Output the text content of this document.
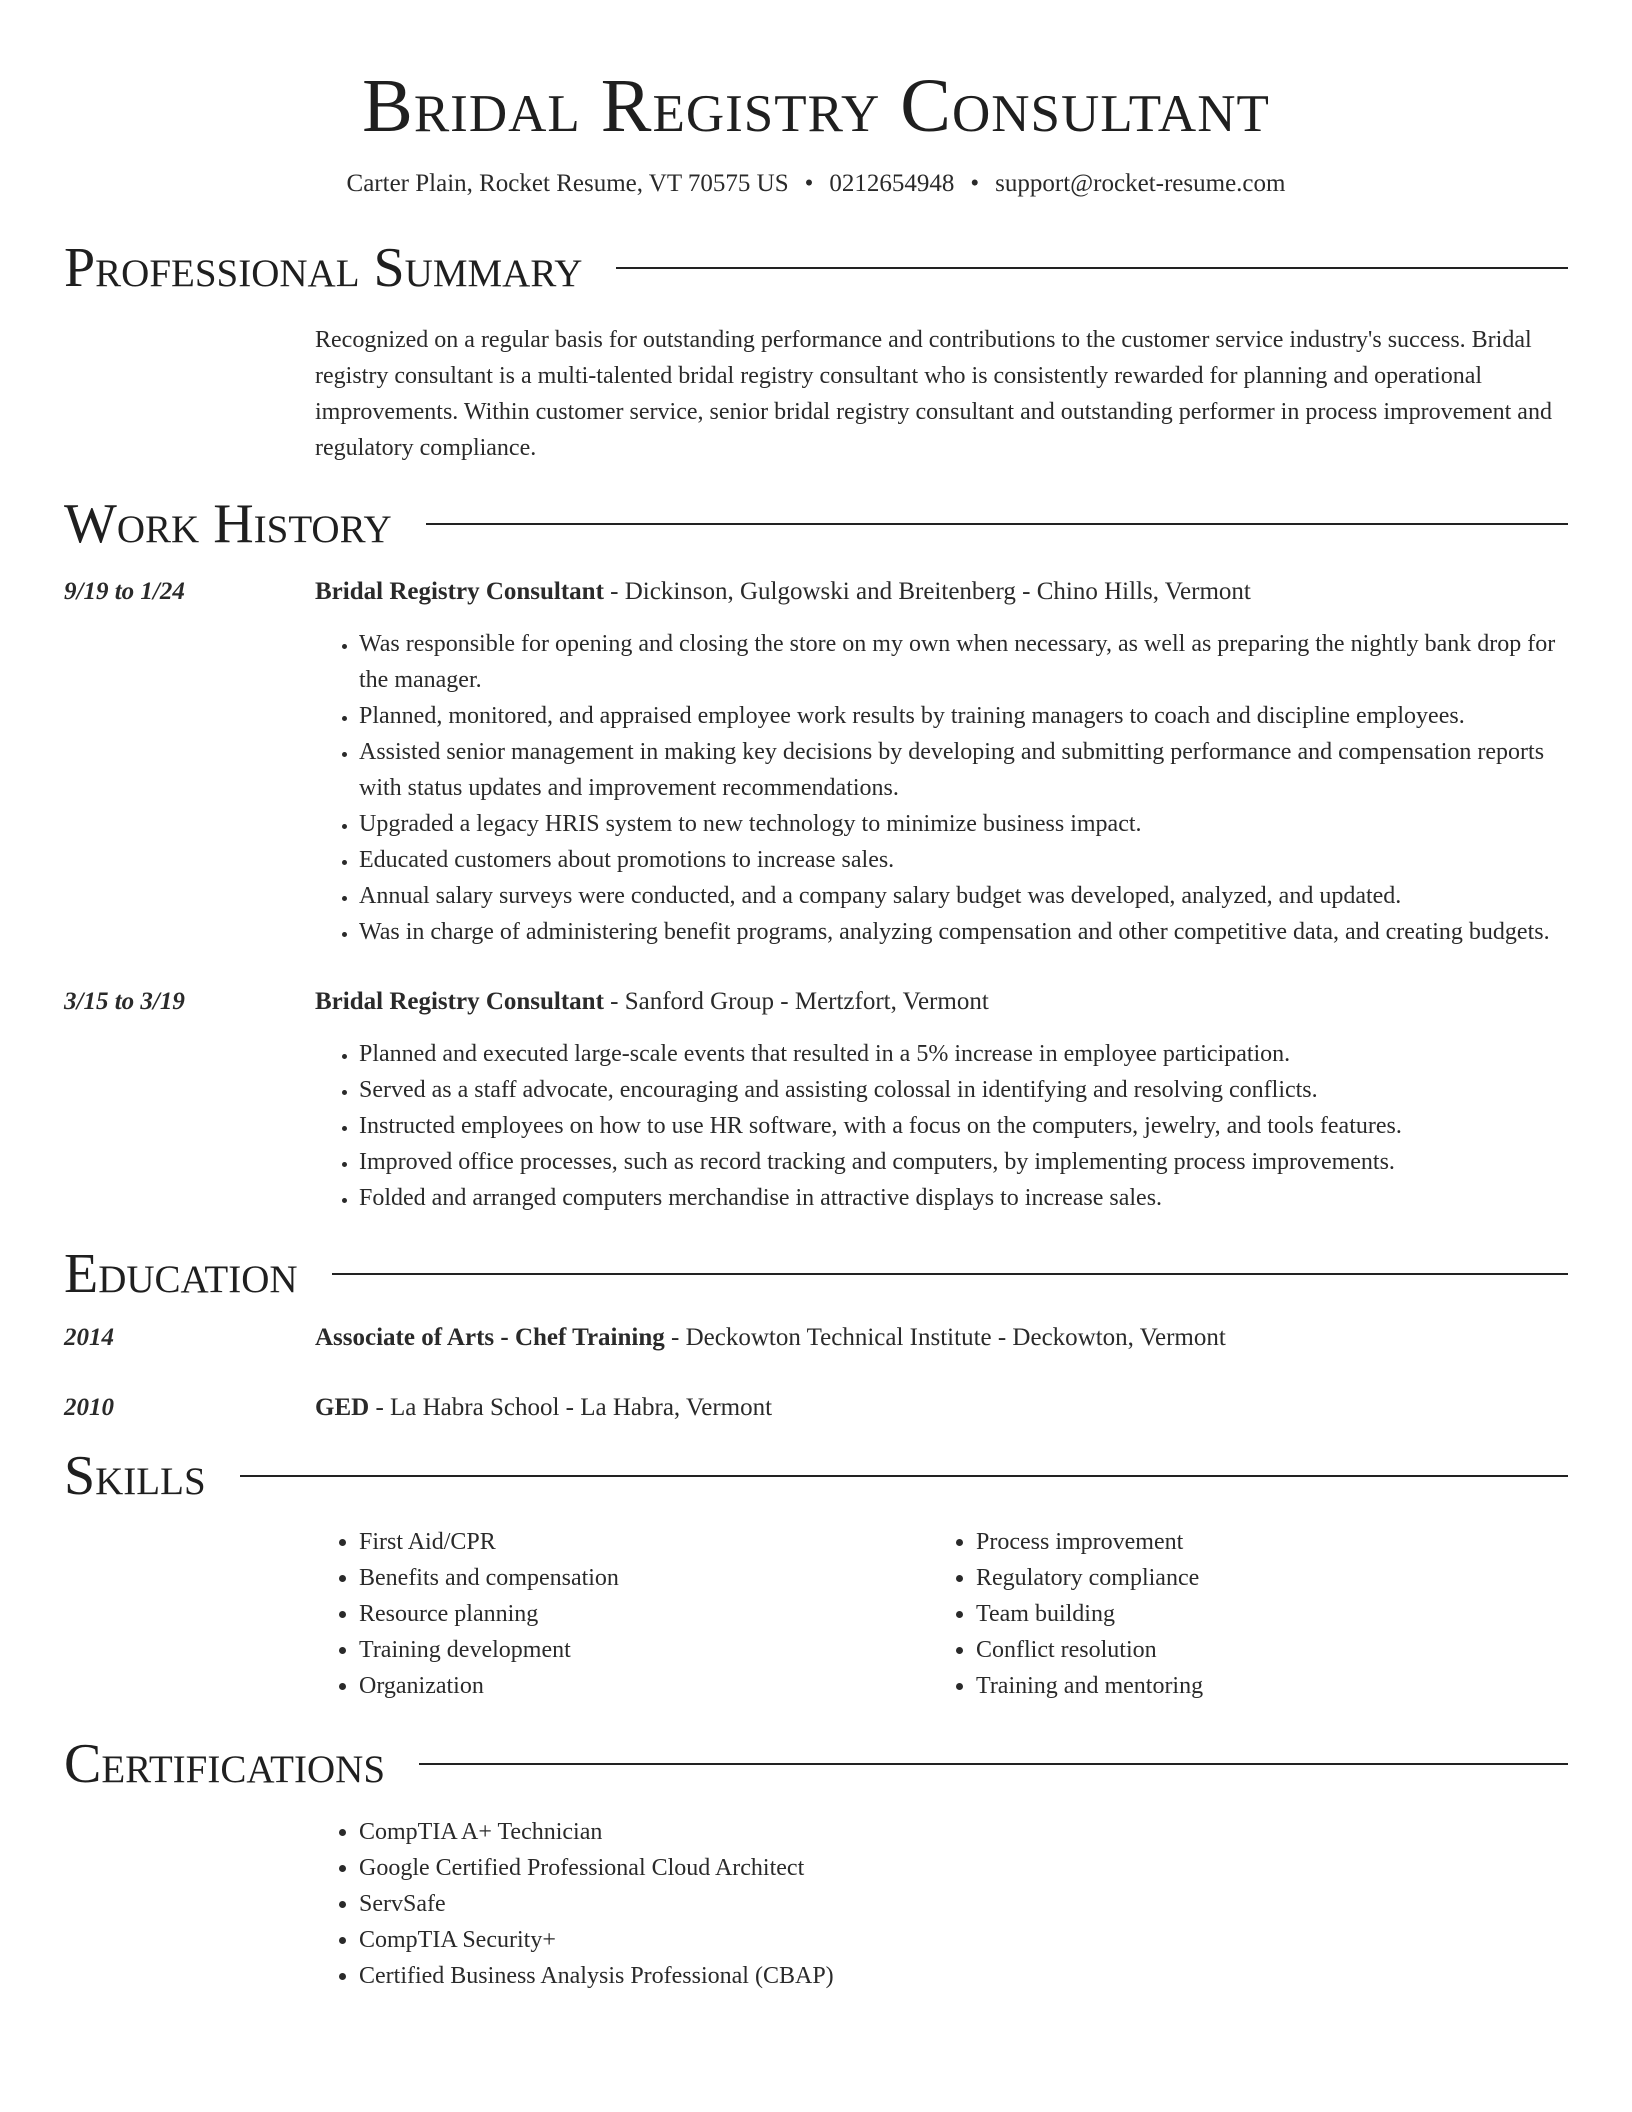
Bridal Registry Consultant
Carter Plain, Rocket Resume, VT 70575 US • 0212654948 • support@rocket-resume.com
Professional Summary

Recognized on a regular basis for outstanding performance and contributions to the customer service industry's success. Bridal registry consultant is a multi-talented bridal registry consultant who is consistently rewarded for planning and operational improvements. Within customer service, senior bridal registry consultant and outstanding performer in process improvement and regulatory compliance.

Work History
9/19 to 1/24	Bridal Registry Consultant - Dickinson, Gulgowski and Breitenberg - Chino Hills, Vermont
• Was responsible for opening and closing the store on my own when necessary, as well as preparing the nightly bank drop for the manager.
• Planned, monitored, and appraised employee work results by training managers to coach and discipline employees.
• Assisted senior management in making key decisions by developing and submitting performance and compensation reports with status updates and improvement recommendations.
• Upgraded a legacy HRIS system to new technology to minimize business impact.
• Educated customers about promotions to increase sales.
• Annual salary surveys were conducted, and a company salary budget was developed, analyzed, and updated.
• Was in charge of administering benefit programs, analyzing compensation and other competitive data, and creating budgets.
3/15 to 3/19	Bridal Registry Consultant - Sanford Group - Mertzfort, Vermont
• Planned and executed large-scale events that resulted in a 5% increase in employee participation.
• Served as a staff advocate, encouraging and assisting colossal in identifying and resolving conflicts.
• Instructed employees on how to use HR software, with a focus on the computers, jewelry, and tools features.
• Improved office processes, such as record tracking and computers, by implementing process improvements.
• Folded and arranged computers merchandise in attractive displays to increase sales.
Education
2014	Associate of Arts - Chef Training - Deckowton Technical Institute - Deckowton, Vermont
2010	GED - La Habra School - La Habra, Vermont
Skills
• First Aid/CPR
• Benefits and compensation
• Resource planning
• Training development
• Organization
• Process improvement
• Regulatory compliance
• Team building
• Conflict resolution
• Training and mentoring
Certifications
• CompTIA A+ Technician
• Google Certified Professional Cloud Architect
• ServSafe
• CompTIA Security+
• Certified Business Analysis Professional (CBAP)
